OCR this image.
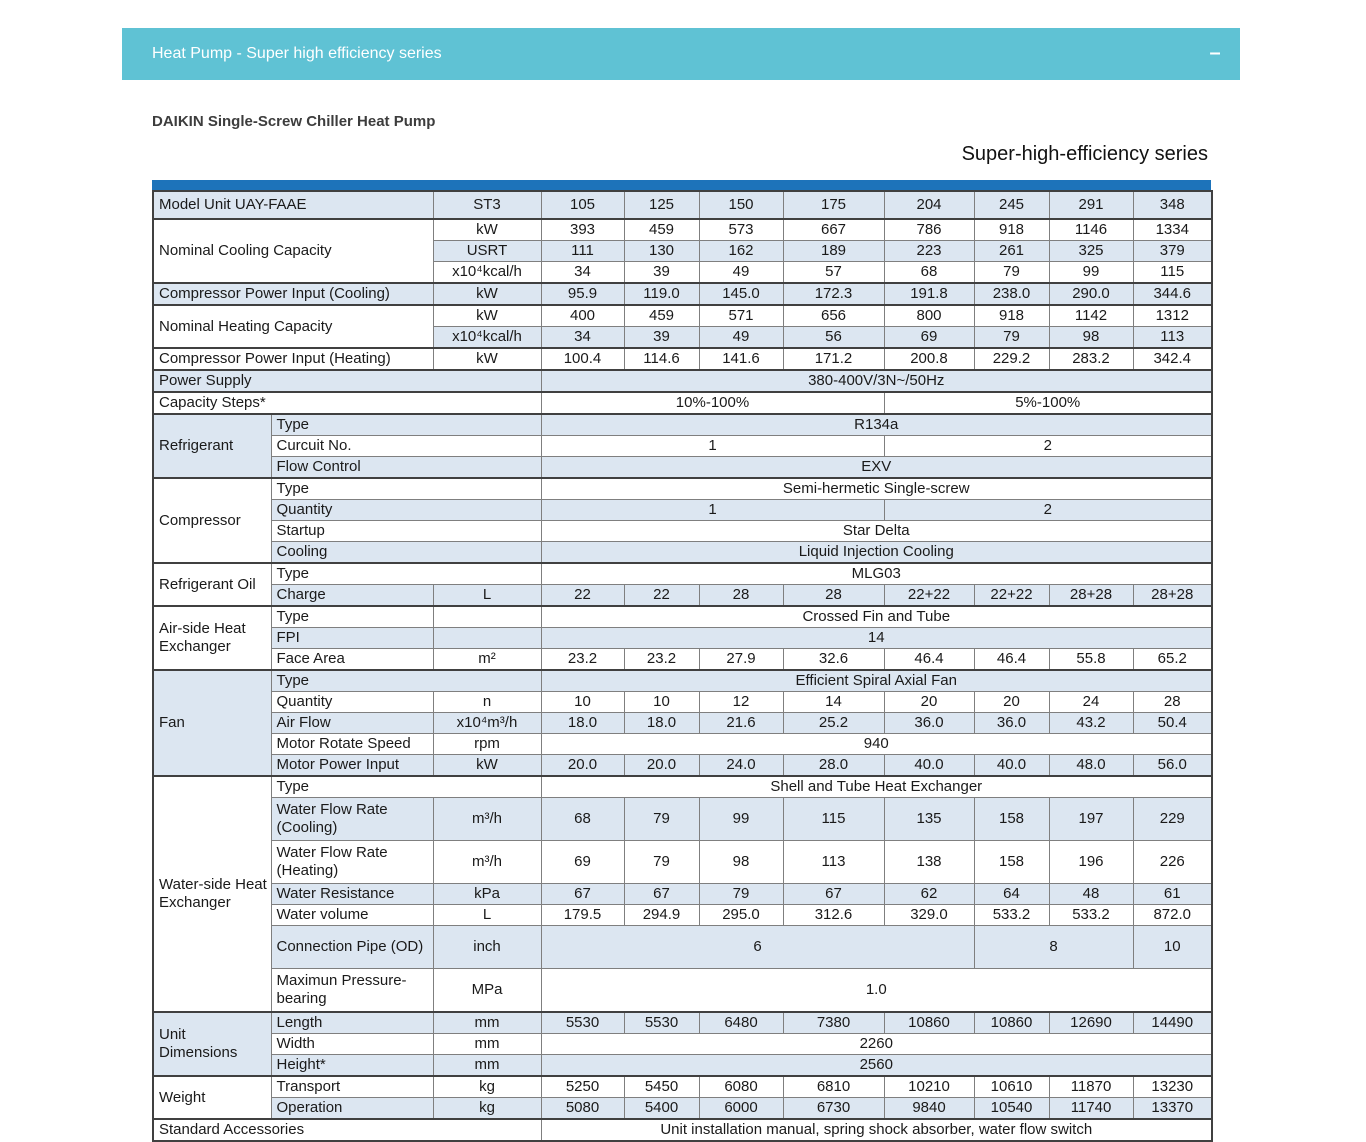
Heat Pump - Super high efficiency series	–
DAIKIN Single-Screw Chiller Heat Pump
Super-high-efficiency series
Model Unit UAY-FAAE		ST3	105	125	150	175	204	245	291	348
Nominal Cooling Capacity		kW	393	459	573	667	786	918	1146	1334
		USRT	111	130	162	189	223	261	325	379
		x10⁴kcal/h	34	39	49	57	68	79	99	115
Compressor Power Input (Cooling)		kW	95.9	119.0	145.0	172.3	191.8	238.0	290.0	344.6
Nominal Heating Capacity		kW	400	459	571	656	800	918	1142	1312
		x10⁴kcal/h	34	39	49	56	69	79	98	113
Compressor Power Input (Heating)		kW	100.4	114.6	141.6	171.2	200.8	229.2	283.2	342.4
Power Supply			380-400V/3N~/50Hz							
Capacity Steps*			10%-100%				5%-100%			
Refrigerant	Type		R134a							
	Curcuit No.		1				2			
	Flow Control		EXV							
Compressor	Type		Semi-hermetic Single-screw							
	Quantity		1				2			
	Startup		Star Delta							
	Cooling		Liquid Injection Cooling							
Refrigerant Oil	Type		MLG03							
	Charge	L	22	22	28	28	22+22	22+22	28+28	28+28
Air-side Heat Exchanger	Type		Crossed Fin and Tube							
	FPI		14							
	Face Area	m²	23.2	23.2	27.9	32.6	46.4	46.4	55.8	65.2
Fan	Type		Efficient Spiral Axial Fan							
	Quantity	n	10	10	12	14	20	20	24	28
	Air Flow	x10⁴m³/h	18.0	18.0	21.6	25.2	36.0	36.0	43.2	50.4
	Motor Rotate Speed	rpm	940							
	Motor Power Input	kW	20.0	20.0	24.0	28.0	40.0	40.0	48.0	56.0
Water-side Heat Exchanger	Type		Shell and Tube Heat Exchanger							
	Water Flow Rate (Cooling)	m³/h	68	79	99	115	135	158	197	229
	Water Flow Rate (Heating)	m³/h	69	79	98	113	138	158	196	226
	Water Resistance	kPa	67	67	79	67	62	64	48	61
	Water volume	L	179.5	294.9	295.0	312.6	329.0	533.2	533.2	872.0
	Connection Pipe (OD)	inch	6					8		10
	Maximun Pressure-bearing	MPa	1.0							
Unit Dimensions	Length	mm	5530	5530	6480	7380	10860	10860	12690	14490
	Width	mm	2260							
	Height*	mm	2560							
Weight	Transport	kg	5250	5450	6080	6810	10210	10610	11870	13230
	Operation	kg	5080	5400	6000	6730	9840	10540	11740	13370
Standard Accessories			Unit installation manual, spring shock absorber, water flow switch							
